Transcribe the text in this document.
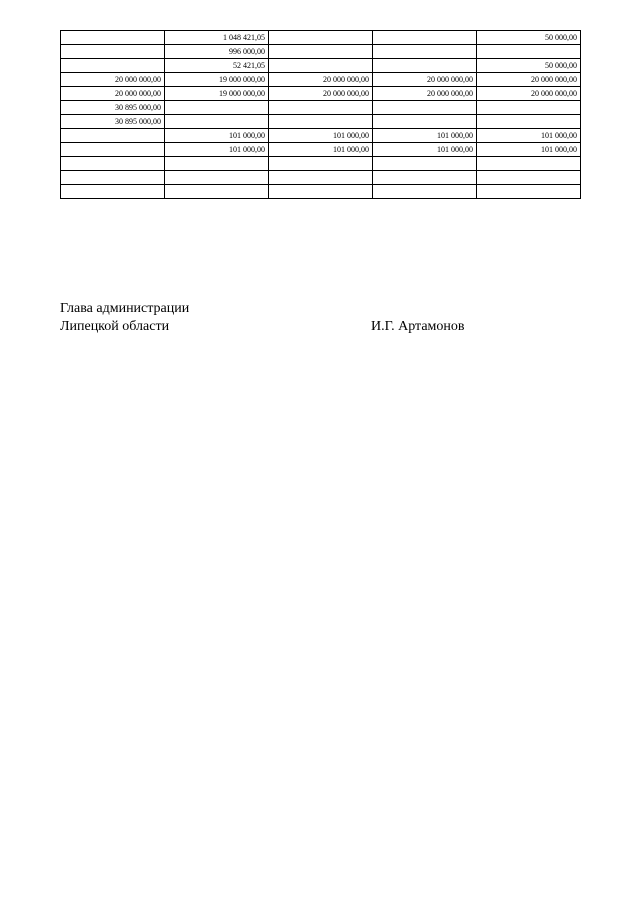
	1 048 421,05			50 000,00
	996 000,00			
	52 421,05			50 000,00
20 000 000,00	19 000 000,00	20 000 000,00	20 000 000,00	20 000 000,00
20 000 000,00	19 000 000,00	20 000 000,00	20 000 000,00	20 000 000,00
30 895 000,00				
30 895 000,00				
	101 000,00	101 000,00	101 000,00	101 000,00
	101 000,00	101 000,00	101 000,00	101 000,00

Глава администрации
Липецкой области	И.Г. Артамонов
